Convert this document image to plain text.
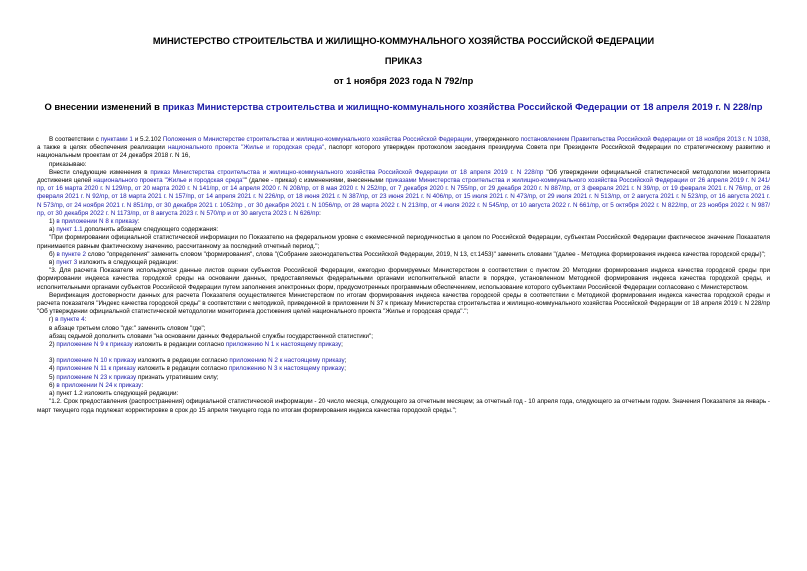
МИНИСТЕРСТВО СТРОИТЕЛЬСТВА И ЖИЛИЩНО-КОММУНАЛЬНОГО ХОЗЯЙСТВА РОССИЙСКОЙ ФЕДЕРАЦИИ
ПРИКАЗ
от 1 ноября 2023 года N 792/пр
О внесении изменений в приказ Министерства строительства и жилищно-коммунального хозяйства Российской Федерации от 18 апреля 2019 г. N 228/пр

В соответствии с пунктами 1 и 5.2.102 Положения о Министерстве строительства и жилищно-коммунального хозяйства Российской Федерации, утвержденного постановлением Правительства Российской Федерации от 18 ноября 2013 г. N 1038, а также в целях обеспечения реализации национального проекта "Жилье и городская среда", паспорт которого утвержден протоколом заседания президиума Совета при Президенте Российской Федерации по стратегическому развитию и национальным проектам от 24 декабря 2018 г. N 16,

приказываю:

Внести следующие изменения в приказ Министерства строительства и жилищно-коммунального хозяйства Российской Федерации от 18 апреля 2019 г. N 228/пр "Об утверждении официальной статистической методологии мониторинга достижения целей национального проекта "Жилье и городская среда"" (далее - приказ) с изменениями, внесенными приказами Министерства строительства и жилищно-коммунального хозяйства Российской Федерации от 26 апреля 2019 г. N 241/пр, от 16 марта 2020 г. N 129/пр, от 20 марта 2020 г. N 141/пр, от 14 апреля 2020 г. N 208/пр, от 8 мая 2020 г. N 252/пр, от 7 декабря 2020 г. N 755/пр, от 29 декабря 2020 г. N 887/пр, от 3 февраля 2021 г. N 39/пр, от 19 февраля 2021 г. N 76/пр, от 26 февраля 2021 г. N 92/пр, от 18 марта 2021 г. N 157/пр, от 14 апреля 2021 г. N 226/пр, от 18 июня 2021 г. N 387/пр, от 23 июня 2021 г. N 406/пр, от 15 июля 2021 г. N 473/пр, от 29 июля 2021 г. N 513/пр, от 2 августа 2021 г. N 523/пр, от 16 августа 2021 г. N 573/пр, от 24 ноября 2021 г. N 851/пр, от 30 декабря 2021 г. 1052/пр , от 30 декабря 2021 г. N 1056/пр, от 28 марта 2022 г. N 213/пр, от 4 июля 2022 г. N 545/пр, от 10 августа 2022 г. N 661/пр, от 5 октября 2022 г. N 822/пр, от 23 ноября 2022 г. N 987/пр, от 30 декабря 2022 г. N 1173/пр, от 8 августа 2023 г. N 570/пр и от 30 августа 2023 г. N 626/пр:

1) в приложении N 8 к приказу:

а) пункт 1.1 дополнить абзацем следующего содержания:

"При формировании официальной статистической информации по Показателю на федеральном уровне с ежемесячной периодичностью в целом по Российской Федерации, субъектам Российской Федерации фактическое значение Показателя принимается равным фактическому значению, рассчитанному за последний отчетный период.";

б) в пункте 2 слово "определения" заменить словом "формирования", слова "(Собрание законодательства Российской Федерации, 2019, N 13, ст.1453)" заменить словами "(далее - Методика формирования индекса качества городской среды)";

в) пункт 3 изложить в следующей редакции:

"3. Для расчета Показателя используются данные листов оценки субъектов Российской Федерации, ежегодно формируемых Министерством в соответствии с пунктом 20 Методики формирования индекса качества городской среды при формировании индекса качества городской среды на основании данных, предоставляемых федеральными органами исполнительной власти в порядке, установленном Методикой формирования индекса качества городской среды, и исполнительными органами субъектов Российской Федерации путем заполнения электронных форм, предусмотренных программным обеспечением, использование которого субъектами Российской Федерации согласовано с Министерством.

Верификация достоверности данных для расчета Показателя осуществляется Министерством по итогам формирования индекса качества городской среды в соответствии с Методикой формирования индекса качества городской среды и расчета показателя "Индекс качества городской среды" в соответствии с методикой, приведенной в приложении N 37 к приказу Министерства строительства и жилищно-коммунального хозяйства Российской Федерации от 18 апреля 2019 г. N 228/пр "Об утверждении официальной статистической методологии мониторинга достижения целей национального проекта "Жилье и городская среда".";

г) в пункте 4:

в абзаце третьем слово "где:" заменить словом "где";

абзац седьмой дополнить словами "на основании данных Федеральной службы государственной статистики";

2) приложение N 9 к приказу изложить в редакции согласно приложению N 1 к настоящему приказу;

3) приложение N 10 к приказу изложить в редакции согласно приложению N 2 к настоящему приказу;

4) приложение N 11 к приказу изложить в редакции согласно приложению N 3 к настоящему приказу;

5) приложение N 23 к приказу признать утратившим силу;

6) в приложении N 24 к приказу:

а) пункт 1.2 изложить следующей редакции:

"1.2. Срок предоставления (распространения) официальной статистической информации - 20 число месяца, следующего за отчетным месяцем; за отчетный год - 10 апреля года, следующего за отчетным годом. Значения Показателя за январь - март текущего года подлежат корректировке в срок до 15 апреля текущего года по итогам формирования индекса качества городской среды.";
